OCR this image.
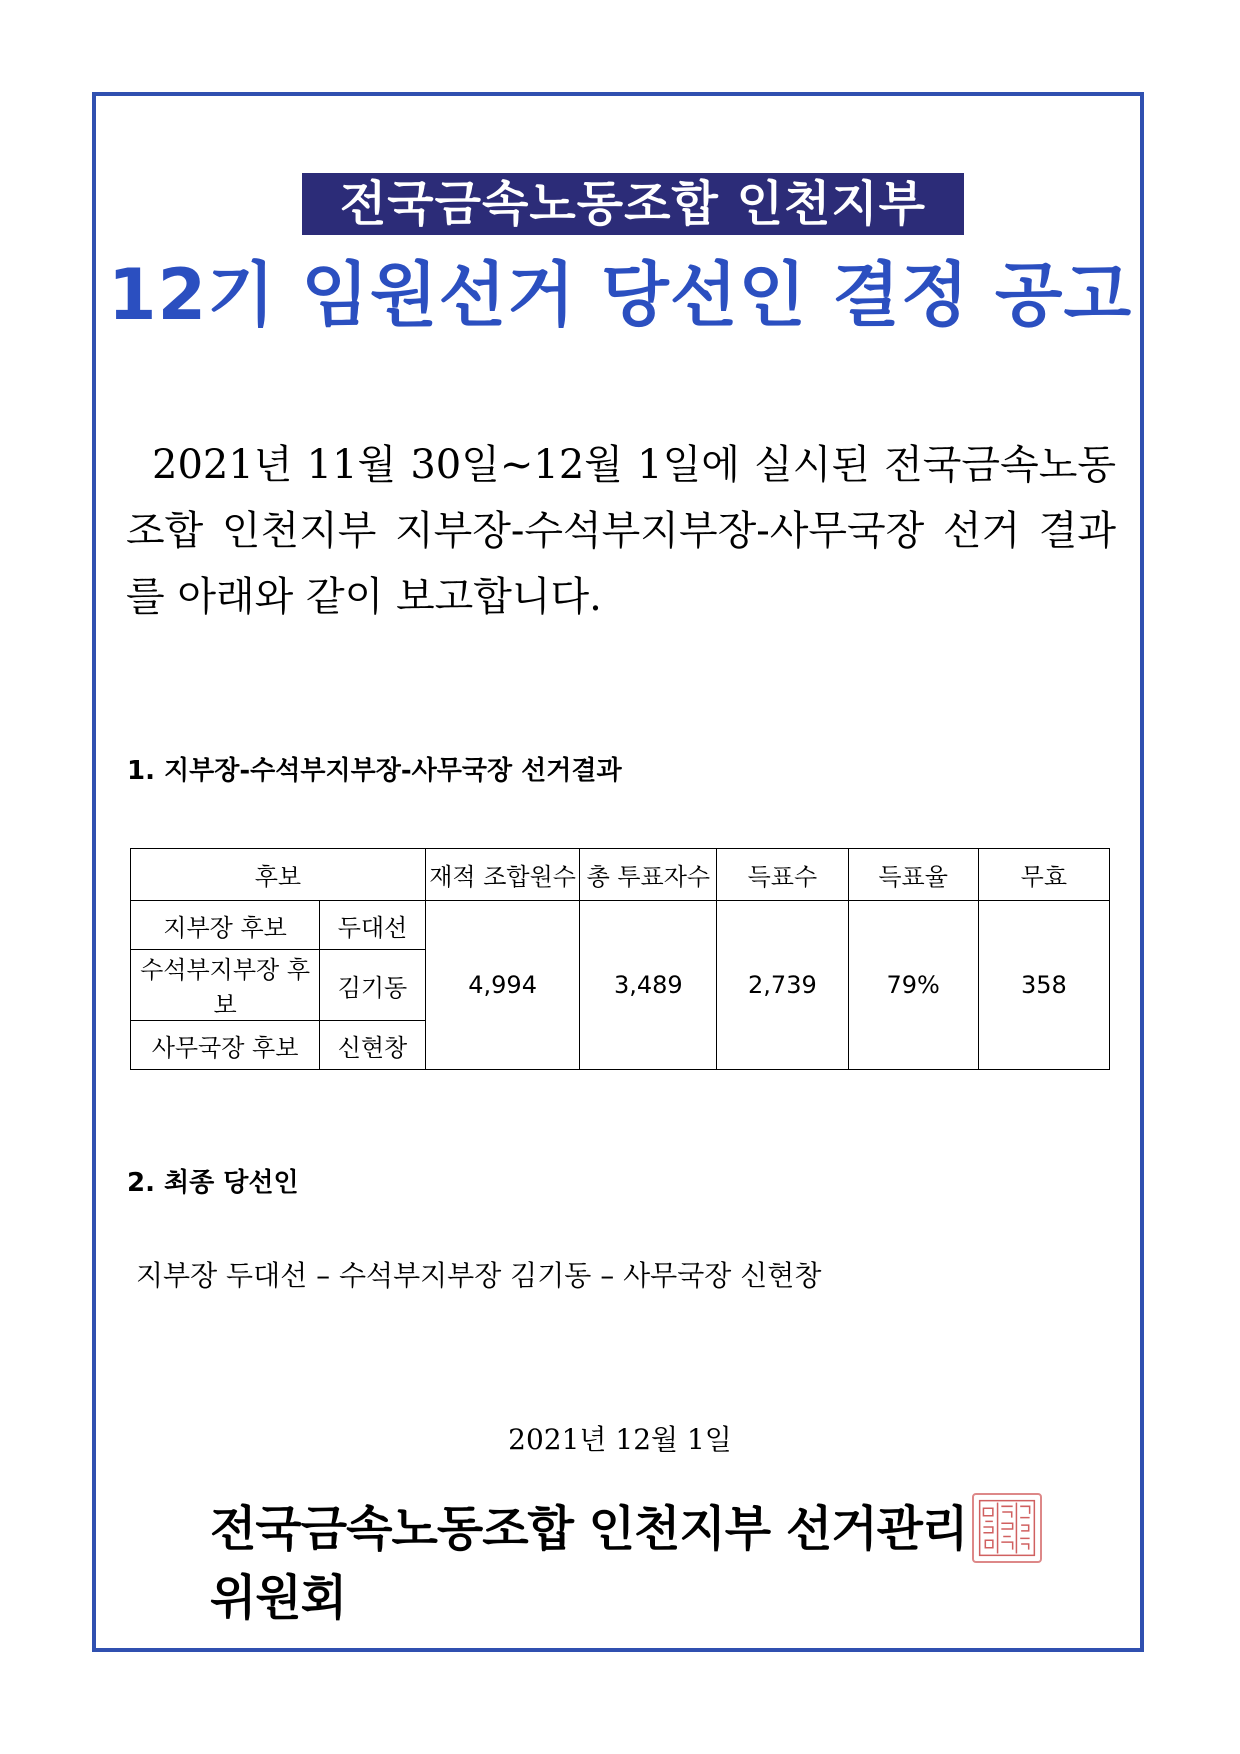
전국금속노동조합 인천지부
12기 임원선거 당선인 결정 공고
2021년 11월 30일~12월 1일에 실시된 전국금속노동조합 인천지부 지부장-수석부지부장-사무국장 선거 결과를 아래와 같이 보고합니다.
1. 지부장-수석부지부장-사무국장 선거결과
후보		재적 조합원수	총 투표자수	득표수	득표율	무효
지부장 후보	두대선	4,994	3,489	2,739	79%	358
수석부지부장 후보	김기동					
사무국장 후보	신현창					
2. 최종 당선인
지부장 두대선 – 수석부지부장 김기동 – 사무국장 신현창
2021년 12월 1일
전국금속노동조합 인천지부 선거관리위원회
